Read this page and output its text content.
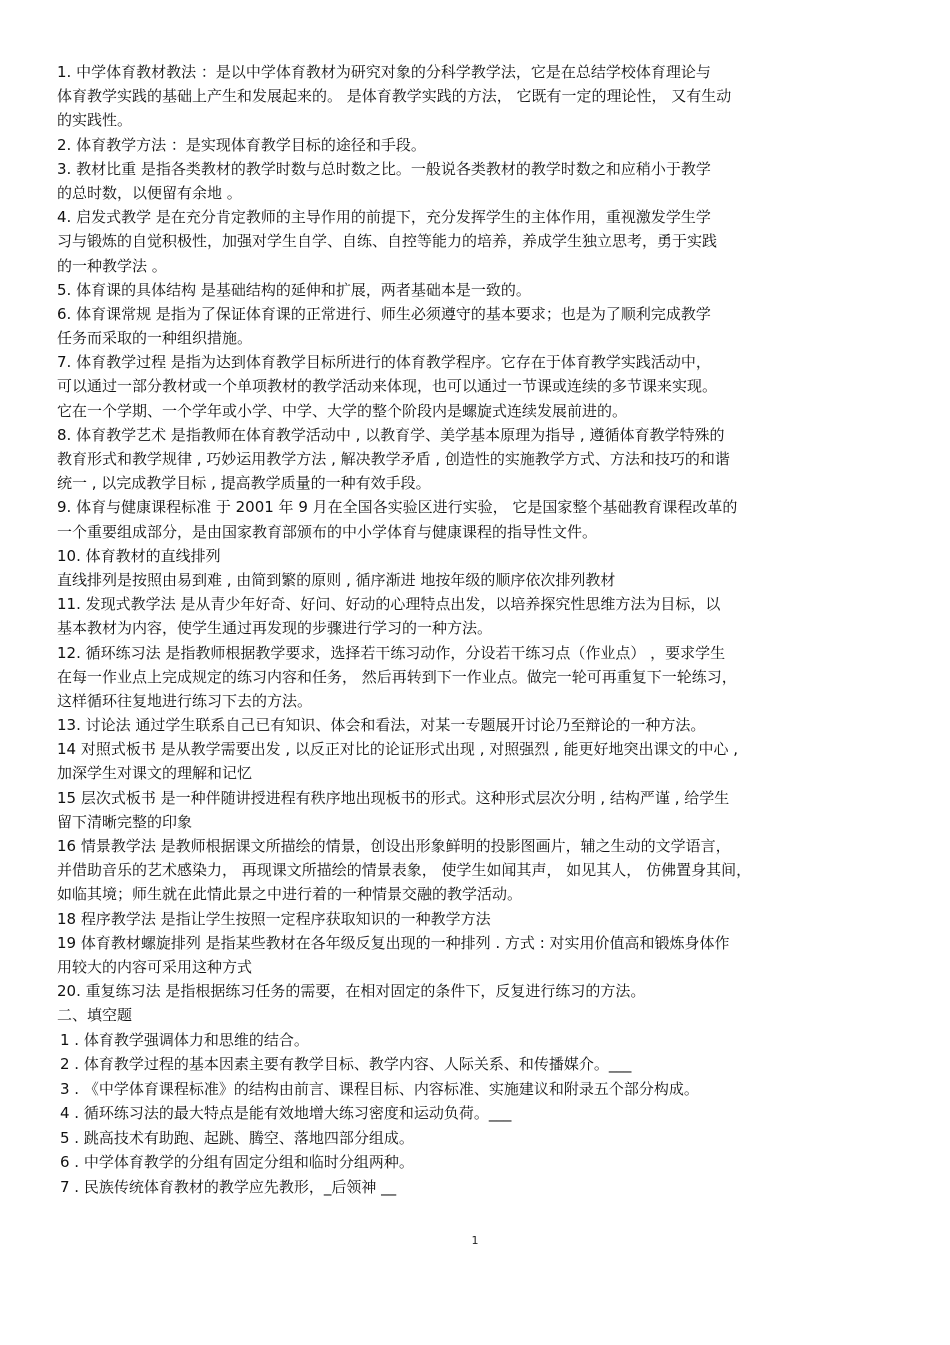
1. 中学体育教材教法 ：是以中学体育教材为研究对象的分科学教学法，它是在总结学校体育理论与
体育教学实践的基础上产生和发展起来的。 是体育教学实践的方法， 它既有一定的理论性， 又有生动
的实践性。
2. 体育教学方法 ：是实现体育教学目标的途径和手段。
3. 教材比重 是指各类教材的教学时数与总时数之比。一般说各类教材的教学时数之和应稍小于教学
的总时数，以便留有余地 。
4. 启发式教学 是在充分肯定教师的主导作用的前提下，充分发挥学生的主体作用，重视激发学生学
习与锻炼的自觉积极性，加强对学生自学、自练、自控等能力的培养，养成学生独立思考，勇于实践
的一种教学法 。
5. 体育课的具体结构 是基础结构的延伸和扩展，两者基础本是一致的。
6. 体育课常规 是指为了保证体育课的正常进行、师生必须遵守的基本要求；也是为了顺利完成教学
任务而采取的一种组织措施。
7. 体育教学过程 是指为达到体育教学目标所进行的体育教学程序。它存在于体育教学实践活动中，
可以通过一部分教材或一个单项教材的教学活动来体现，也可以通过一节课或连续的多节课来实现。
它在一个学期、一个学年或小学、中学、大学的整个阶段内是螺旋式连续发展前进的。
8. 体育教学艺术 是指教师在体育教学活动中 , 以教育学、美学基本原理为指导 , 遵循体育教学特殊的
教育形式和教学规律 , 巧妙运用教学方法 , 解决教学矛盾 , 创造性的实施教学方式、方法和技巧的和谐
统一 , 以完成教学目标 , 提高教学质量的一种有效手段。
9. 体育与健康课程标准 于 2001 年 9 月在全国各实验区进行实验， 它是国家整个基础教育课程改革的
一个重要组成部分，是由国家教育部颁布的中小学体育与健康课程的指导性文件。
10. 体育教材的直线排列
直线排列是按照由易到难 , 由简到繁的原则 , 循序渐进 地按年级的顺序依次排列教材
11. 发现式教学法 是从青少年好奇、好问、好动的心理特点出发，以培养探究性思维方法为目标，以
基本教材为内容，使学生通过再发现的步骤进行学习的一种方法。
12. 循环练习法 是指教师根据教学要求，选择若干练习动作，分设若干练习点（作业点） ，要求学生
在每一作业点上完成规定的练习内容和任务， 然后再转到下一作业点。做完一轮可再重复下一轮练习，
这样循环往复地进行练习下去的方法。
13. 讨论法 通过学生联系自己已有知识、体会和看法，对某一专题展开讨论乃至辩论的一种方法。
14 对照式板书 是从教学需要出发 , 以反正对比的论证形式出现 , 对照强烈 , 能更好地突出课文的中心 ,
加深学生对课文的理解和记忆
15 层次式板书 是一种伴随讲授进程有秩序地出现板书的形式。这种形式层次分明 , 结构严谨 , 给学生
留下清晰完整的印象
16 情景教学法 是教师根据课文所描绘的情景，创设出形象鲜明的投影图画片，辅之生动的文学语言，
并借助音乐的艺术感染力， 再现课文所描绘的情景表象， 使学生如闻其声， 如见其人， 仿佛置身其间，
如临其境；师生就在此情此景之中进行着的一种情景交融的教学活动。
18 程序教学法 是指让学生按照一定程序获取知识的一种教学方法
19 体育教材螺旋排列 是指某些教材在各年级反复出现的一种排列 . 方式 : 对实用价值高和锻炼身体作
用较大的内容可采用这种方式
20. 重复练习法 是指根据练习任务的需要，在相对固定的条件下，反复进行练习的方法。
二、填空题
1 . 体育教学强调体力和思维的结合。
2 . 体育教学过程的基本因素主要有教学目标、教学内容、人际关系、和传播媒介。___
3 . 《中学体育课程标准》的结构由前言、课程目标、内容标准、实施建议和附录五个部分构成。
4 . 循环练习法的最大特点是能有效地增大练习密度和运动负荷。___
5 . 跳高技术有助跑、起跳、腾空、落地四部分组成。
6 . 中学体育教学的分组有固定分组和临时分组两种。
7 . 民族传统体育教材的教学应先教形，_后领神 __
1
